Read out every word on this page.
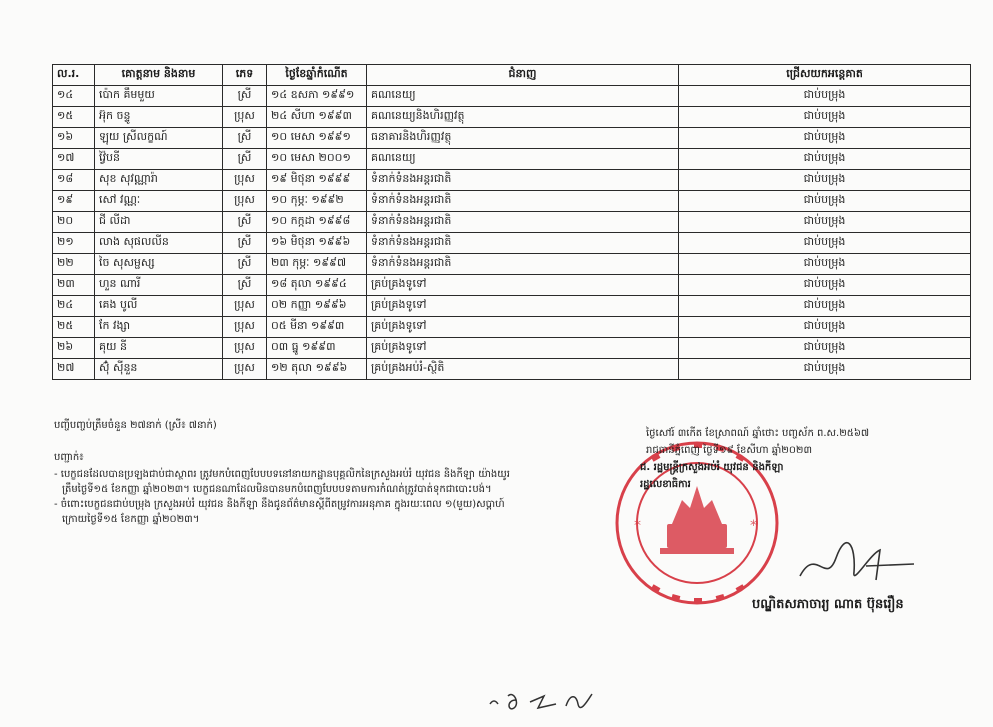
ល.រ.	គោត្តនាម និងនាម	ភេទ	ថ្ងៃខែឆ្នាំកំណើត	ជំនាញ	ជ្រើសយកអន្តេគាត
១៤	ប៉េាក គឹមមួយ	ស្រី	១៤ ឧសភា ១៩៩១	គណនេយ្យ	ជាប់បម្រុង
១៥	អ៊ុក ចន្ទូ	ប្រុស	២៤ សីហា ១៩៩៣	គណនេយ្យនិងហិរញ្ញវត្ថុ	ជាប់បម្រុង
១៦	ឡុយ ស្រីលក្ខណ៍	ស្រី	១០ មេសា ១៩៩១	ធនាគារនិងហិរញ្ញវត្ថុ	ជាប់បម្រុង
១៧	វ៉ៃ្វបនី	ស្រី	១០ មេសា ២០០១	គណនេយ្យ	ជាប់បម្រុង
១៨	សុខ សុវណ្ណារ៉ា	ប្រុស	១៩ មិថុនា ១៩៩៩	ទំនាក់ទំនងអន្តរជាតិ	ជាប់បម្រុង
១៩	សៅ វណ្ណៈ	ប្រុស	១០ កុម្ភៈ ១៩៩២	ទំនាក់ទំនងអន្តរជាតិ	ជាប់បម្រុង
២០	ជី លីដា	ស្រី	១០ កក្កដា ១៩៩៨	ទំនាក់ទំនងអន្តរជាតិ	ជាប់បម្រុង
២១	លាង សុផលលីន	ស្រី	១៦ មិថុនា ១៩៩៦	ទំនាក់ទំនងអន្តរជាតិ	ជាប់បម្រុង
២២	ចៃ សុសម្ផស្ស	ស្រី	២៣ កុម្ភៈ ១៩៩៧	ទំនាក់ទំនងអន្តរជាតិ	ជាប់បម្រុង
២៣	ហួន ណារី	ស្រី	១៨ តុលា ១៩៩៤	គ្រប់គ្រងទូទៅ	ជាប់បម្រុង
២៤	គេង បូលី	ប្រុស	០២ កញ្ញា ១៩៩៦	គ្រប់គ្រងទូទៅ	ជាប់បម្រុង
២៥	កែ វង្សា	ប្រុស	០៥ មីនា ១៩៩៣	គ្រប់គ្រងទូទៅ	ជាប់បម្រុង
២៦	គុយ នី	ប្រុស	០៣ ធ្នូ ១៩៩៣	គ្រប់គ្រងទូទៅ	ជាប់បម្រុង
២៧	ស៊ុំ ស៊ីនួន	ប្រុស	១២ តុលា ១៩៩៦	គ្រប់គ្រងអប់រំ-ស្ថិតិ	ជាប់បម្រុង
បញ្ចីបញ្ចប់ត្រឹមចំនួន ២៧នាក់ (ស្រី៖ ៧នាក់)
បញ្ជាក់៖
- បេក្ខជនដែលបានប្រឡងជាប់ជាស្ថាពរ ត្រូវមកបំពេញបែបបទនៅនាយកដ្ឋានបុគ្គលិកនៃក្រសួងអប់រំ យុវជន និងកីឡា យ៉ាងយូរ
ត្រឹមថ្ងៃទី១៥ ខែកញ្ញា ឆ្នាំ២០២៣។ បេក្ខជនណាដែលមិនបានមកបំពេញបែបបទតាមការកំណត់ត្រូវបាត់ទុកជាបោះបង់។
- ចំពោះបេក្ខជនជាប់បម្រុង ក្រសួងអប់រំ យុវជន និងកីឡា នឹងជូនព័ត៌មានស្តីពីតម្រូវការអនុភាគ ក្នុងរយៈពេល ១(មួយ)សប្តាហ៍
ក្រោយថ្ងៃទី១៥ ខែកញ្ញា ឆ្នាំ២០២៣។	*	*
ថ្ងៃសៅរ៍ ៣កើត ខែស្រាពណ៍ ឆ្នាំថោះ បញ្ចស័ក ព.ស.២៥៦៧
រាជធានីភ្នំពេញ ថ្ងៃទី១៩ ខែសីហា ឆ្នាំ២០២៣
ជ. រដ្ឋមន្ត្រីក្រសួងអប់រំ យុវជន និងកីឡា
រដ្ឋលេខាធិការ
បណ្ឌិតសភាចារ្យ ណាត ប៊ុនរឿន
